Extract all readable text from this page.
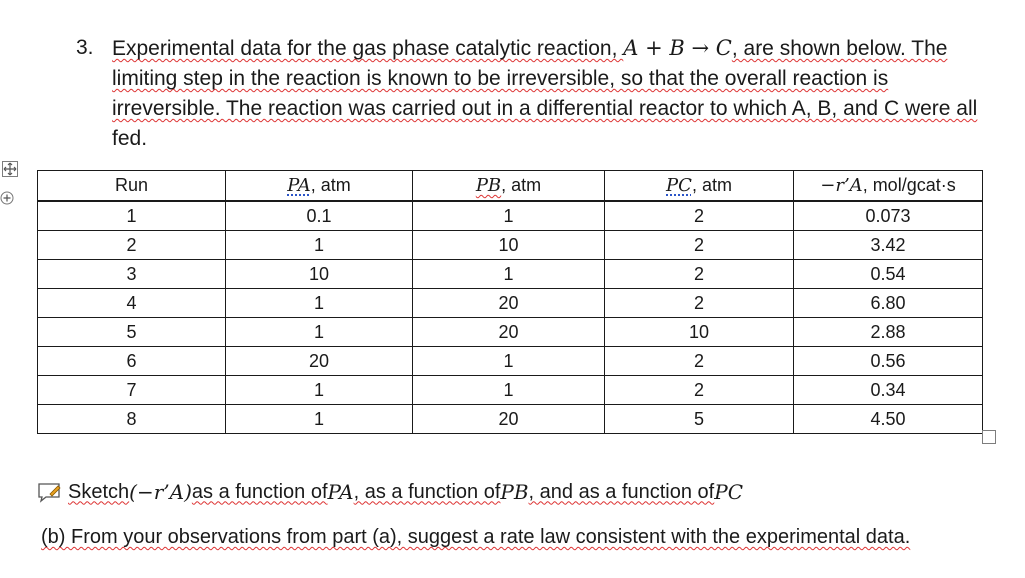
3. Experimental data for the gas phase catalytic reaction, A + B → C, are shown below. The
limiting step in the reaction is known to be irreversible, so that the overall reaction is
irreversible. The reaction was carried out in a differential reactor to which A, B, and C were all
fed.
Run	PA, atm	PB, atm	PC, atm	−r’A, mol/gcat·s
1	0.1	1	2	0.073
2	1	10	2	3.42
3	10	1	2	0.54
4	1	20	2	6.80
5	1	20	10	2.88
6	20	1	2	0.56
7	1	1	2	0.34
8	1	20	5	4.50
Sketch (−r’A) as a function of PA , as a function of PB , and as a function of PC
(b) From your observations from part (a), suggest a rate law consistent with the experimental data.
